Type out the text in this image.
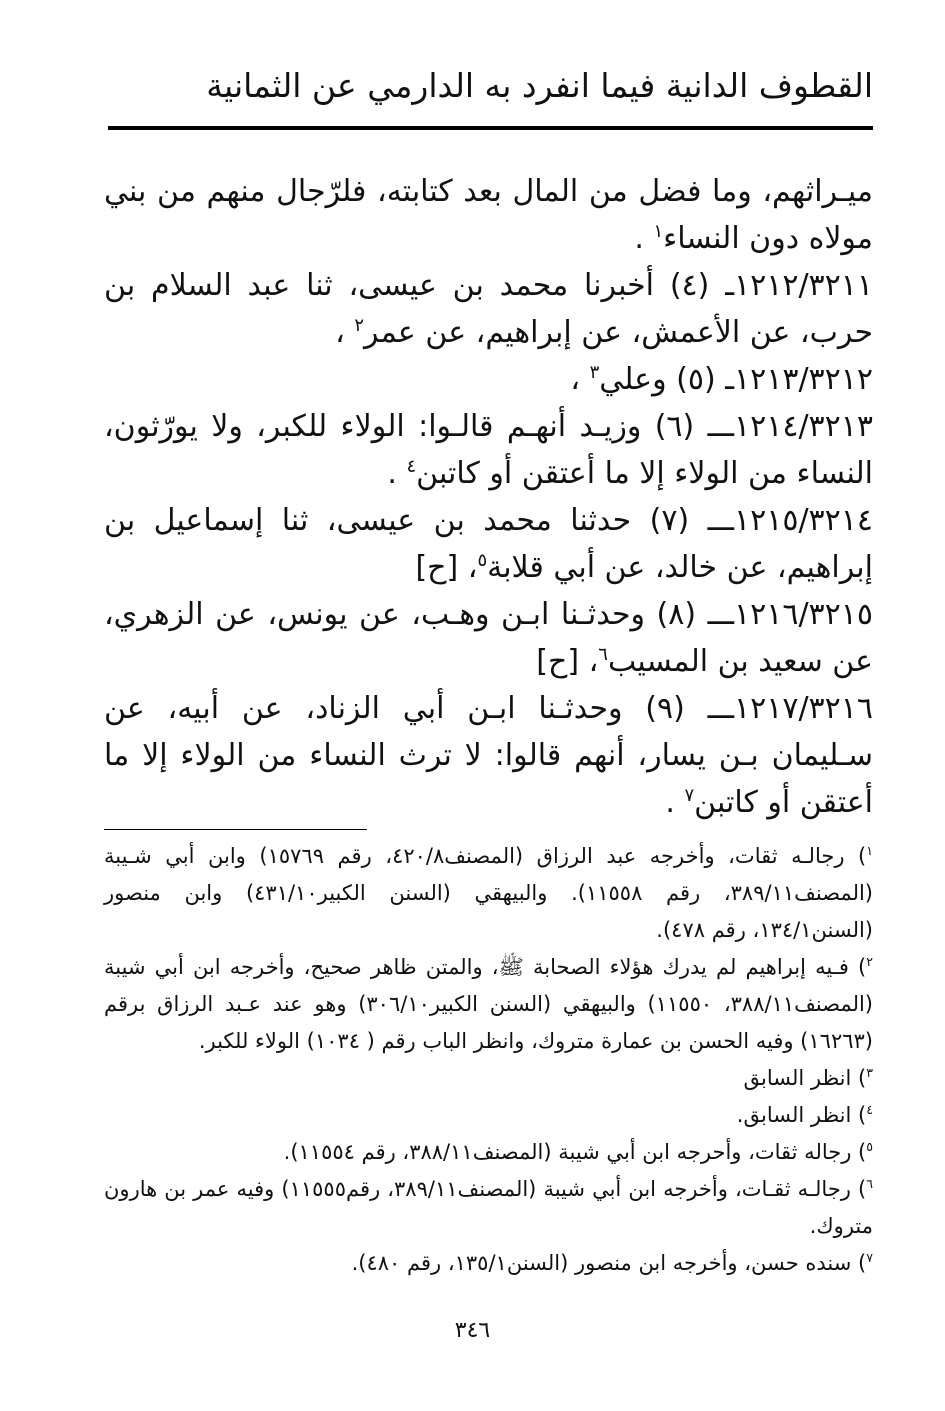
القطوف الدانية فيما انفرد به الدارمي عن الثمانية

ميـراثهم، وما فضل من المال بعد كتابته، فلرّجال منهم من بني مولاه دون النساء$^١$ .

١٢١٢/٣٢١١ـ (٤) أخبرنا محمد بن عيسى، ثنا عبد السلام بن حرب، عن الأعمش، عن إبراهيم، عن عمر$^٢$ ،

١٢١٣/٣٢١٢ـ (٥) وعلي$^٣$ ،

١٢١٤/٣٢١٣ـــ (٦) وزيـد أنهـم قالـوا: الولاء للكبر، ولا يورّثون، النساء من الولاء إلا ما أعتقن أو كاتبن$^٤$ .

١٢١٥/٣٢١٤ـــ (٧) حدثنا محمد بن عيسى، ثنا إسماعيل بن إبراهيم، عن خالد، عن أبي قلابة$^٥$، [ح]

١٢١٦/٣٢١٥ـــ (٨) وحدثـنا ابـن وهـب، عن يونس، عن الزهري، عن سعيد بن المسيب$^٦$، [ح]

١٢١٧/٣٢١٦ـــ (٩) وحدثـنا ابـن أبي الزناد، عن أبيه، عن سـليمان بـن يسار، أنهم قالوا: لا ترث النساء من الولاء إلا ما أعتقن أو كاتبن$^٧$ .

$^١$) رجالـه ثقات، وأخرجه عبد الرزاق (المصنف٤٢٠/٨، رقم ١٥٧٦٩) وابن أبي شـيبة (المصنف٣٨٩/١١، رقم ١١٥٥٨). والبيهقي (السنن الكبير٤٣١/١٠) وابن منصور (السنن١٣٤/١، رقم ٤٧٨).

$^٢$) فـيه إبراهيم لم يدرك هؤلاء الصحابة ﷺ، والمتن ظاهر صحيح، وأخرجه ابن أبي شيبة (المصنف٣٨٨/١١، ١١٥٥٠) والبيهقي (السنن الكبير٣٠٦/١٠) وهو عند عـبد الرزاق برقم (١٦٢٦٣) وفيه الحسن بن عمارة متروك، وانظر الباب رقم ( ١٠٣٤) الولاء للكبر.

$^٣$) انظر السابق

$^٤$) انظر السابق.

$^٥$) رجاله ثقات، وأحرجه ابن أبي شيبة (المصنف٣٨٨/١١، رقم ١١٥٥٤).

$^٦$) رجالـه ثقـات، وأخرجه ابن أبي شيبة (المصنف٣٨٩/١١، رقم١١٥٥٥) وفيه عمر بن هارون متروك.

$^٧$) سنده حسن، وأخرجه ابن منصور (السنن١٣٥/١، رقم ٤٨٠).

٣٤٦
